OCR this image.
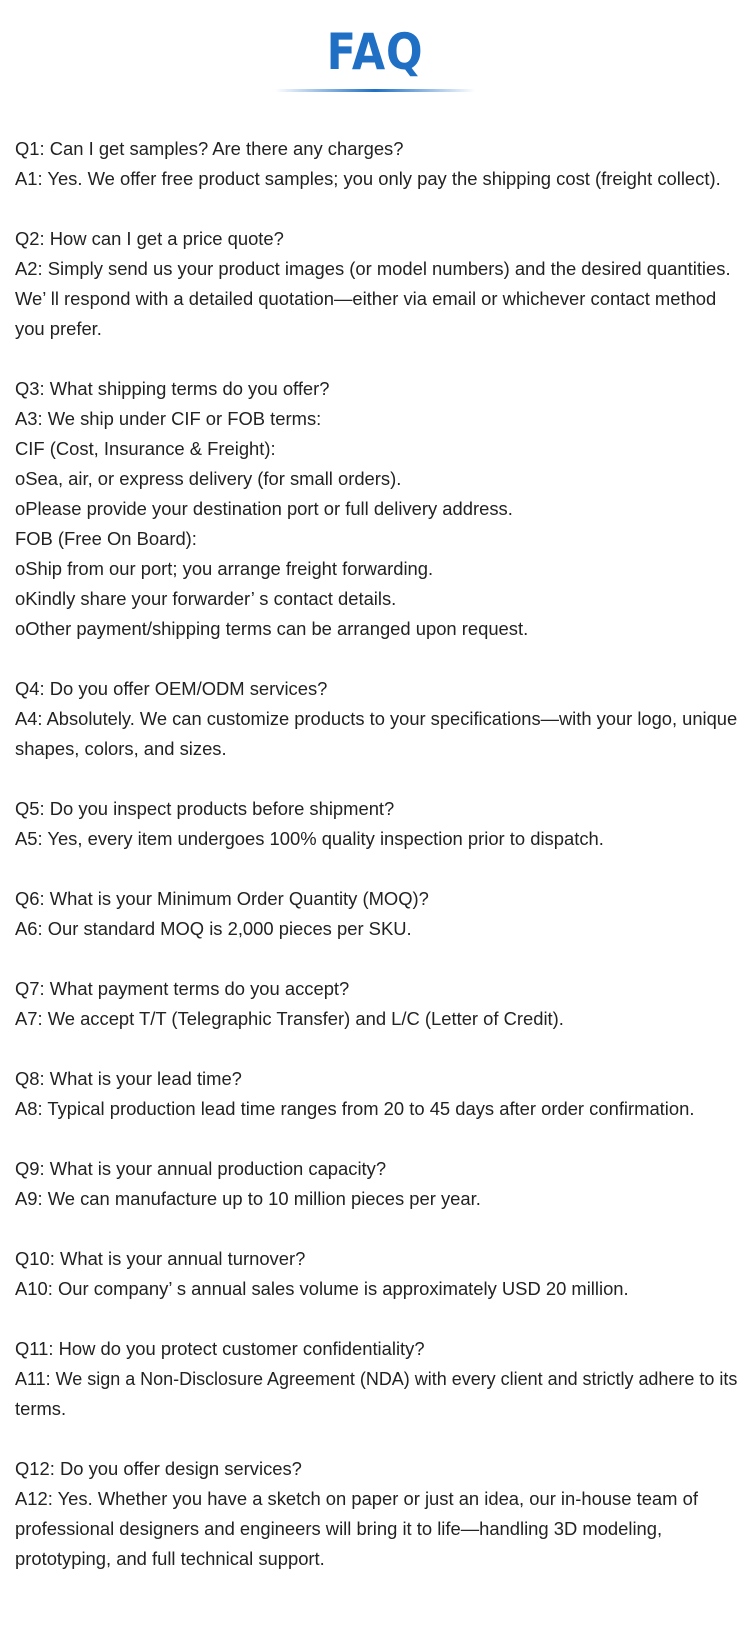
FAQ
Q1: Can I get samples? Are there any charges?
A1: Yes. We offer free product samples; you only pay the shipping cost (freight collect).
Q2: How can I get a price quote?
A2: Simply send us your product images (or model numbers) and the desired quantities.
We’ ll respond with a detailed quotation—either via email or whichever contact method
you prefer.
Q3: What shipping terms do you offer?
A3: We ship under CIF or FOB terms:
CIF (Cost, Insurance & Freight):
oSea, air, or express delivery (for small orders).
oPlease provide your destination port or full delivery address.
FOB (Free On Board):
oShip from our port; you arrange freight forwarding.
oKindly share your forwarder’ s contact details.
oOther payment/shipping terms can be arranged upon request.
Q4: Do you offer OEM/ODM services?
A4: Absolutely. We can customize products to your specifications—with your logo, unique
shapes, colors, and sizes.
Q5: Do you inspect products before shipment?
A5: Yes, every item undergoes 100% quality inspection prior to dispatch.
Q6: What is your Minimum Order Quantity (MOQ)?
A6: Our standard MOQ is 2,000 pieces per SKU.
Q7: What payment terms do you accept?
A7: We accept T/T (Telegraphic Transfer) and L/C (Letter of Credit).
Q8: What is your lead time?
A8: Typical production lead time ranges from 20 to 45 days after order confirmation.
Q9: What is your annual production capacity?
A9: We can manufacture up to 10 million pieces per year.
Q10: What is your annual turnover?
A10: Our company’ s annual sales volume is approximately USD 20 million.
Q11: How do you protect customer confidentiality?
A11: We sign a Non-Disclosure Agreement (NDA) with every client and strictly adhere to its
terms.
Q12: Do you offer design services?
A12: Yes. Whether you have a sketch on paper or just an idea, our in-house team of
professional designers and engineers will bring it to life—handling 3D modeling,
prototyping, and full technical support.
